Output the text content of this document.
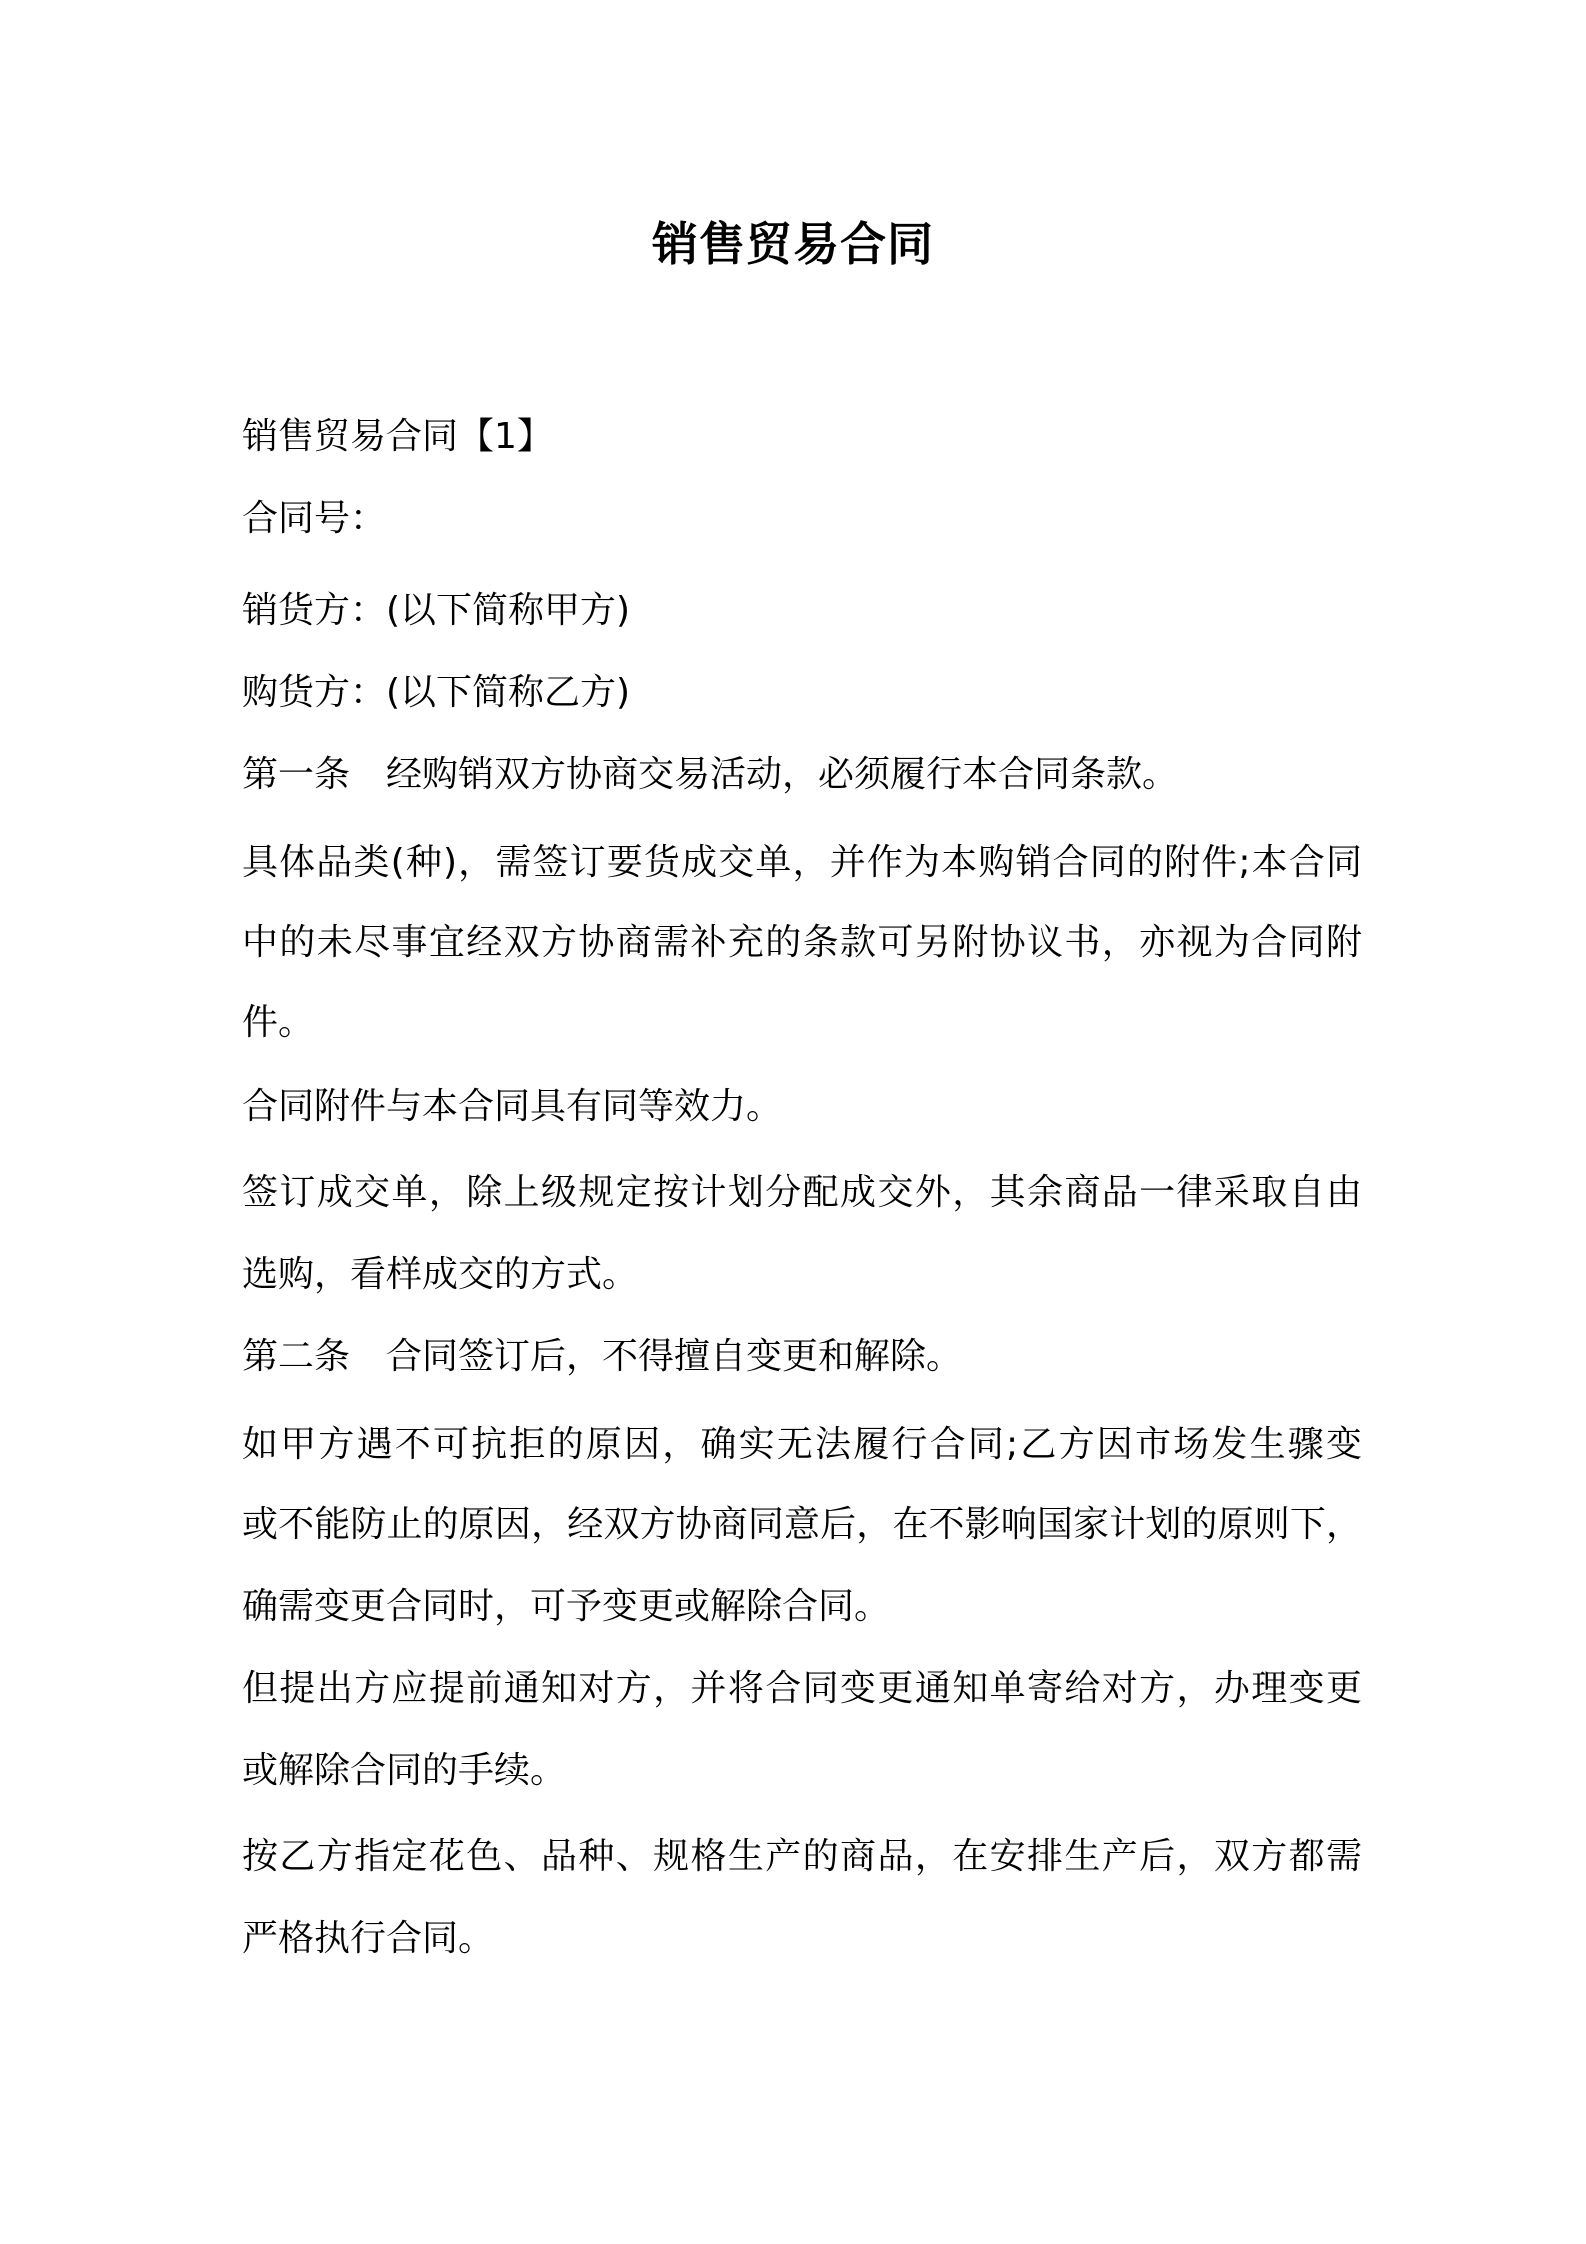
销售贸易合同
销售贸易合同【1】
合同号：
销货方：(以下简称甲方)
购货方：(以下简称乙方)
第一条 经购销双方协商交易活动，必须履行本合同条款。
具体品类(种)，需签订要货成交单，并作为本购销合同的附件;本合同
中的未尽事宜经双方协商需补充的条款可另附协议书，亦视为合同附
件。
合同附件与本合同具有同等效力。
签订成交单，除上级规定按计划分配成交外，其余商品一律采取自由
选购，看样成交的方式。
第二条 合同签订后，不得擅自变更和解除。
如甲方遇不可抗拒的原因，确实无法履行合同;乙方因市场发生骤变
或不能防止的原因，经双方协商同意后，在不影响国家计划的原则下，
确需变更合同时，可予变更或解除合同。
但提出方应提前通知对方，并将合同变更通知单寄给对方，办理变更
或解除合同的手续。
按乙方指定花色、品种、规格生产的商品，在安排生产后，双方都需
严格执行合同。
